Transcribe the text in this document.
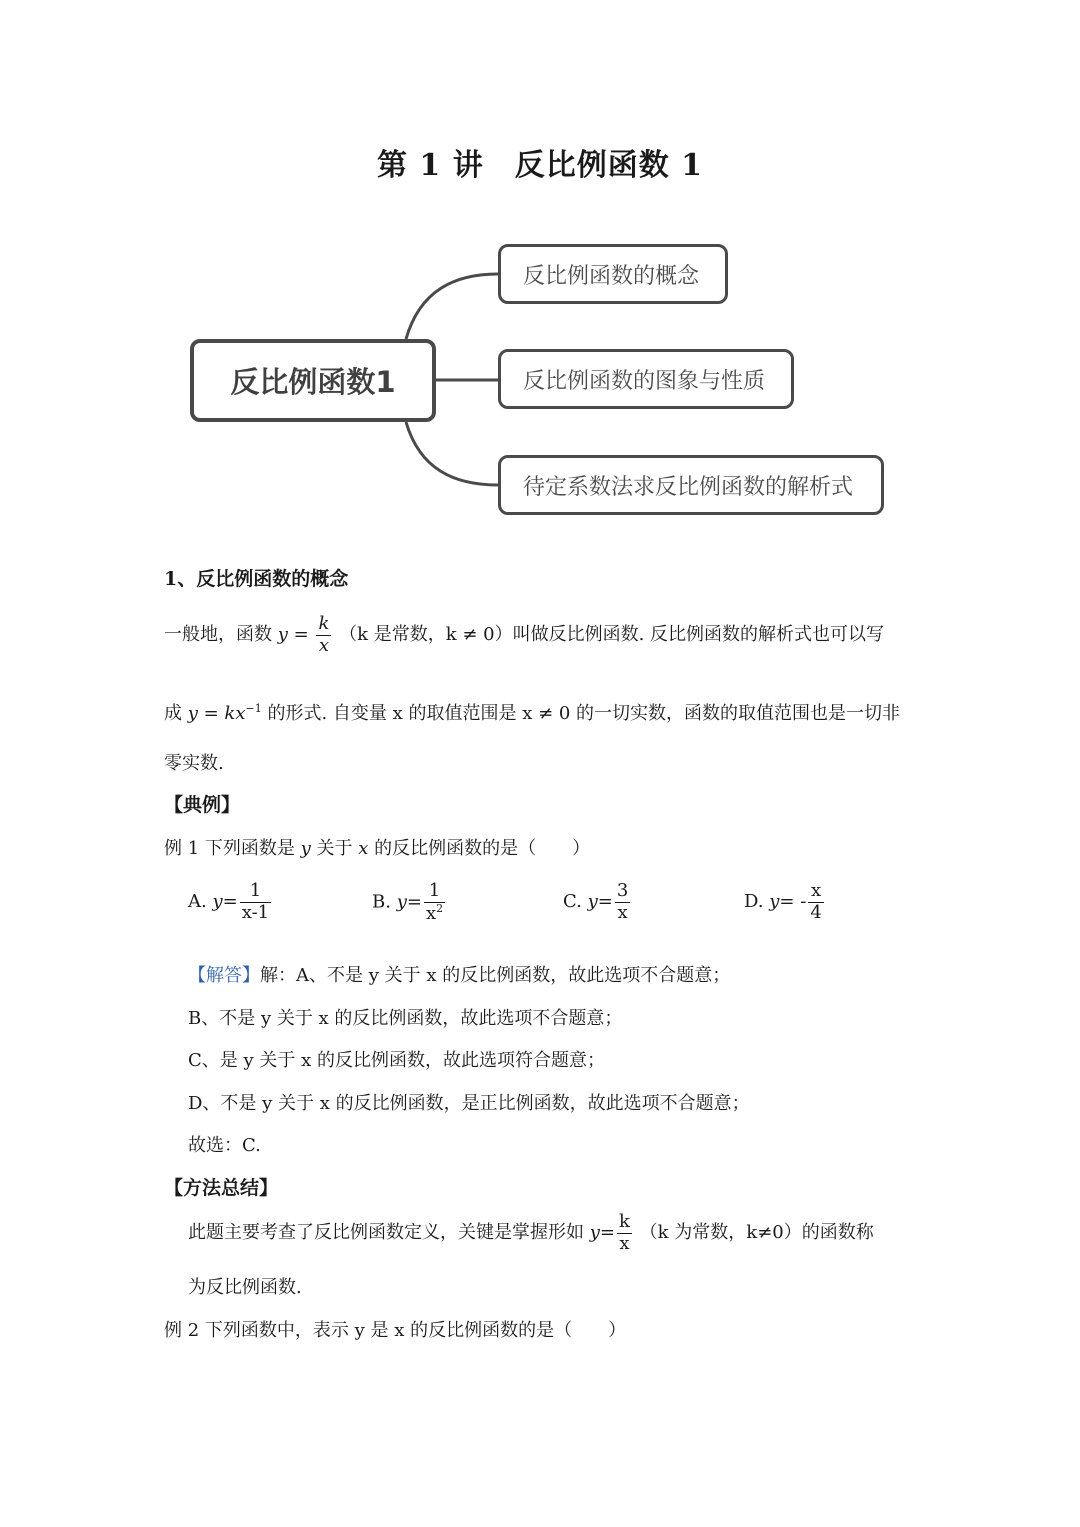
第 1 讲　反比例函数 1
反比例函数1
反比例函数的概念
反比例函数的图象与性质
待定系数法求反比例函数的解析式
1、反比例函数的概念
一般地，函数 $y = \frac{k}{x} (k$ 是常数，k ≠ 0）叫做反比例函数. 反比例函数的解析式也可以写
成 $y = kx^{-1}$ 的形式. 自变量 x 的取值范围是 x ≠ 0 的一切实数，函数的取值范围也是一切非
零实数.
【典例】
例 1 下列函数是 y 关于 x 的反比例函数的是（　　）
A. $y= \frac{1}{x-1}$	B. $y= \frac{1}{x^2}$	C. $y= \frac{3}{x}$	D. $y= - \frac{x}{4}$
【解答】解：A、不是 y 关于 x 的反比例函数，故此选项不合题意；
B、不是 y 关于 x 的反比例函数，故此选项不合题意；
C、是 y 关于 x 的反比例函数，故此选项符合题意；
D、不是 y 关于 x 的反比例函数，是正比例函数，故此选项不合题意；
故选：C.
【方法总结】
此题主要考查了反比例函数定义，关键是掌握形如 $y= \frac{k}{x} (k$ 为常数，k≠0）的函数称
为反比例函数.
例 2 下列函数中，表示 y 是 x 的反比例函数的是（　　）
